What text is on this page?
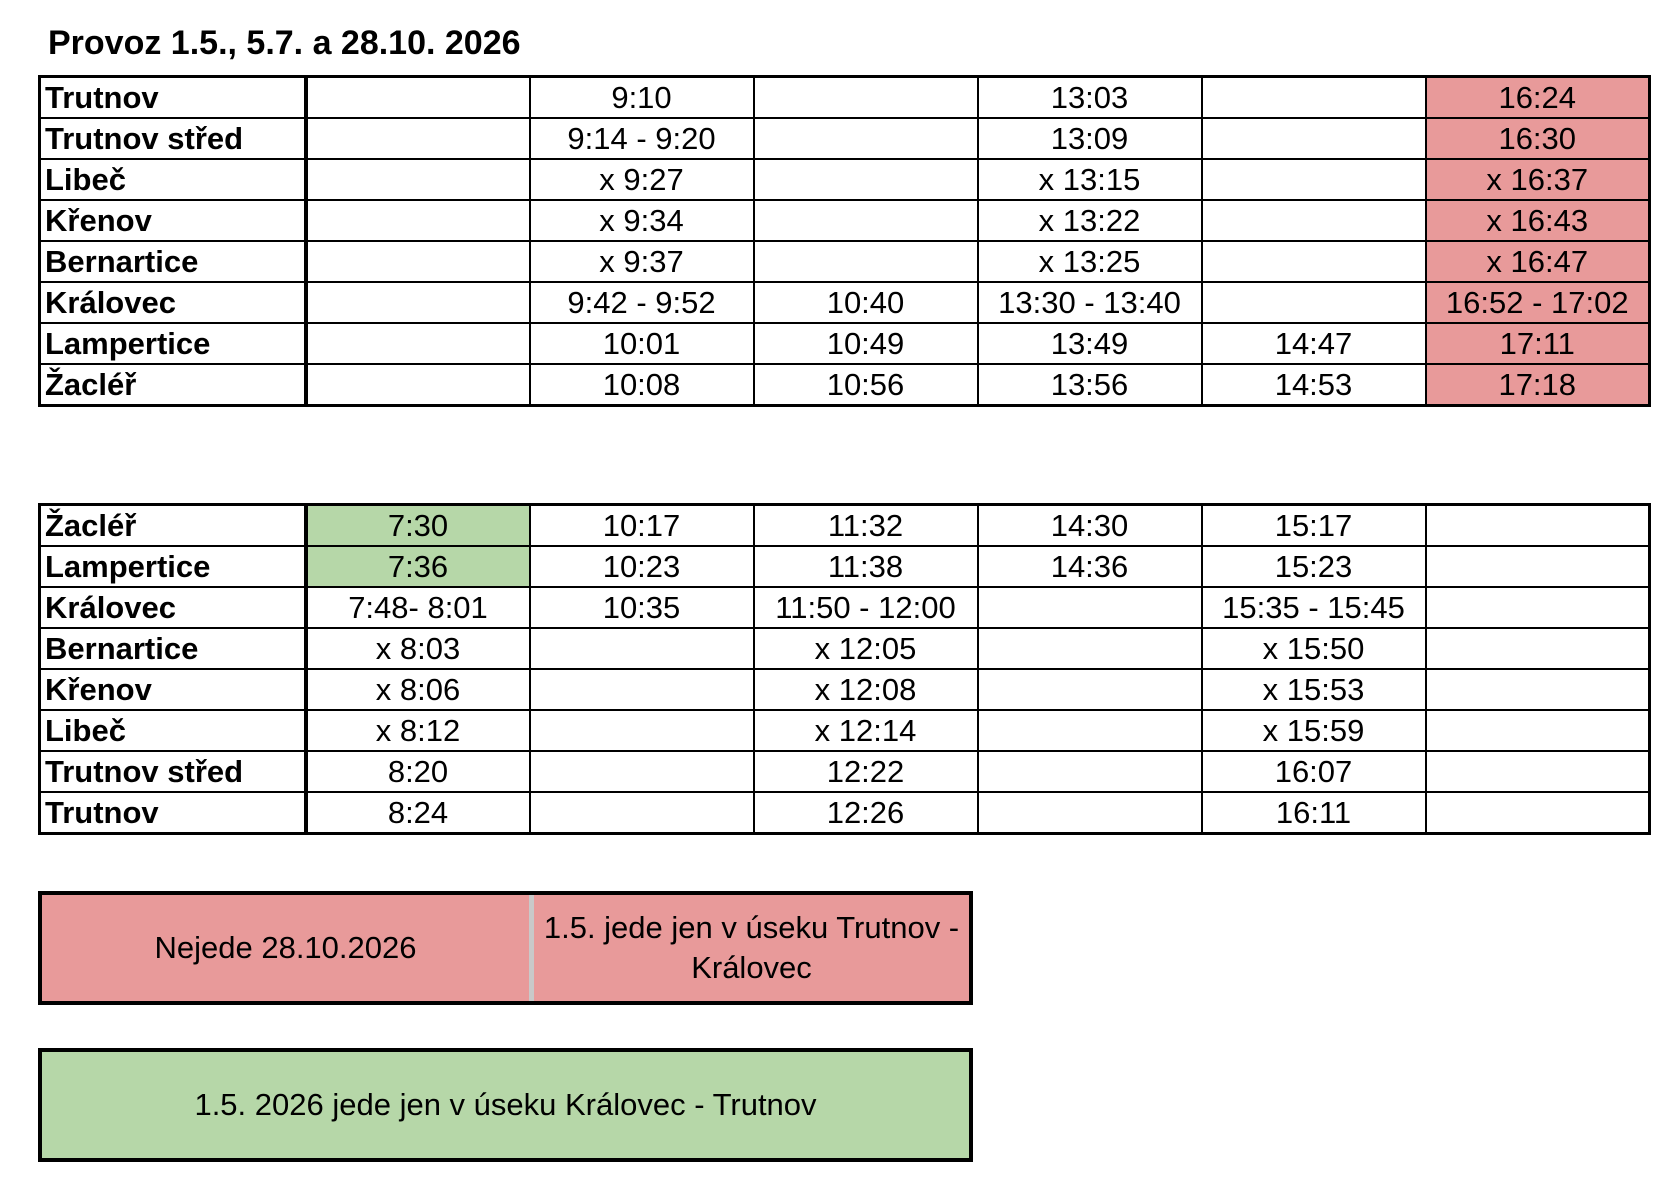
Provoz 1.5., 5.7. a 28.10. 2026
Trutnov		9:10		13:03		16:24
Trutnov střed		9:14 - 9:20		13:09		16:30
Libeč		x 9:27		x 13:15		x 16:37
Křenov		x 9:34		x 13:22		x 16:43
Bernartice		x 9:37		x 13:25		x 16:47
Královec		9:42 - 9:52	10:40	13:30 - 13:40		16:52 - 17:02
Lampertice		10:01	10:49	13:49	14:47	17:11
Žacléř		10:08	10:56	13:56	14:53	17:18
Žacléř	7:30	10:17	11:32	14:30	15:17	
Lampertice	7:36	10:23	11:38	14:36	15:23	
Královec	7:48- 8:01	10:35	11:50 - 12:00		15:35 - 15:45	
Bernartice	x 8:03		x 12:05		x 15:50	
Křenov	x 8:06		x 12:08		x 15:53	
Libeč	x 8:12		x 12:14		x 15:59	
Trutnov střed	8:20		12:22		16:07	
Trutnov	8:24		12:26		16:11	
Nejede 28.10.2026
1.5. jede jen v úseku Trutnov - Královec
1.5. 2026 jede jen v úseku Královec - Trutnov
